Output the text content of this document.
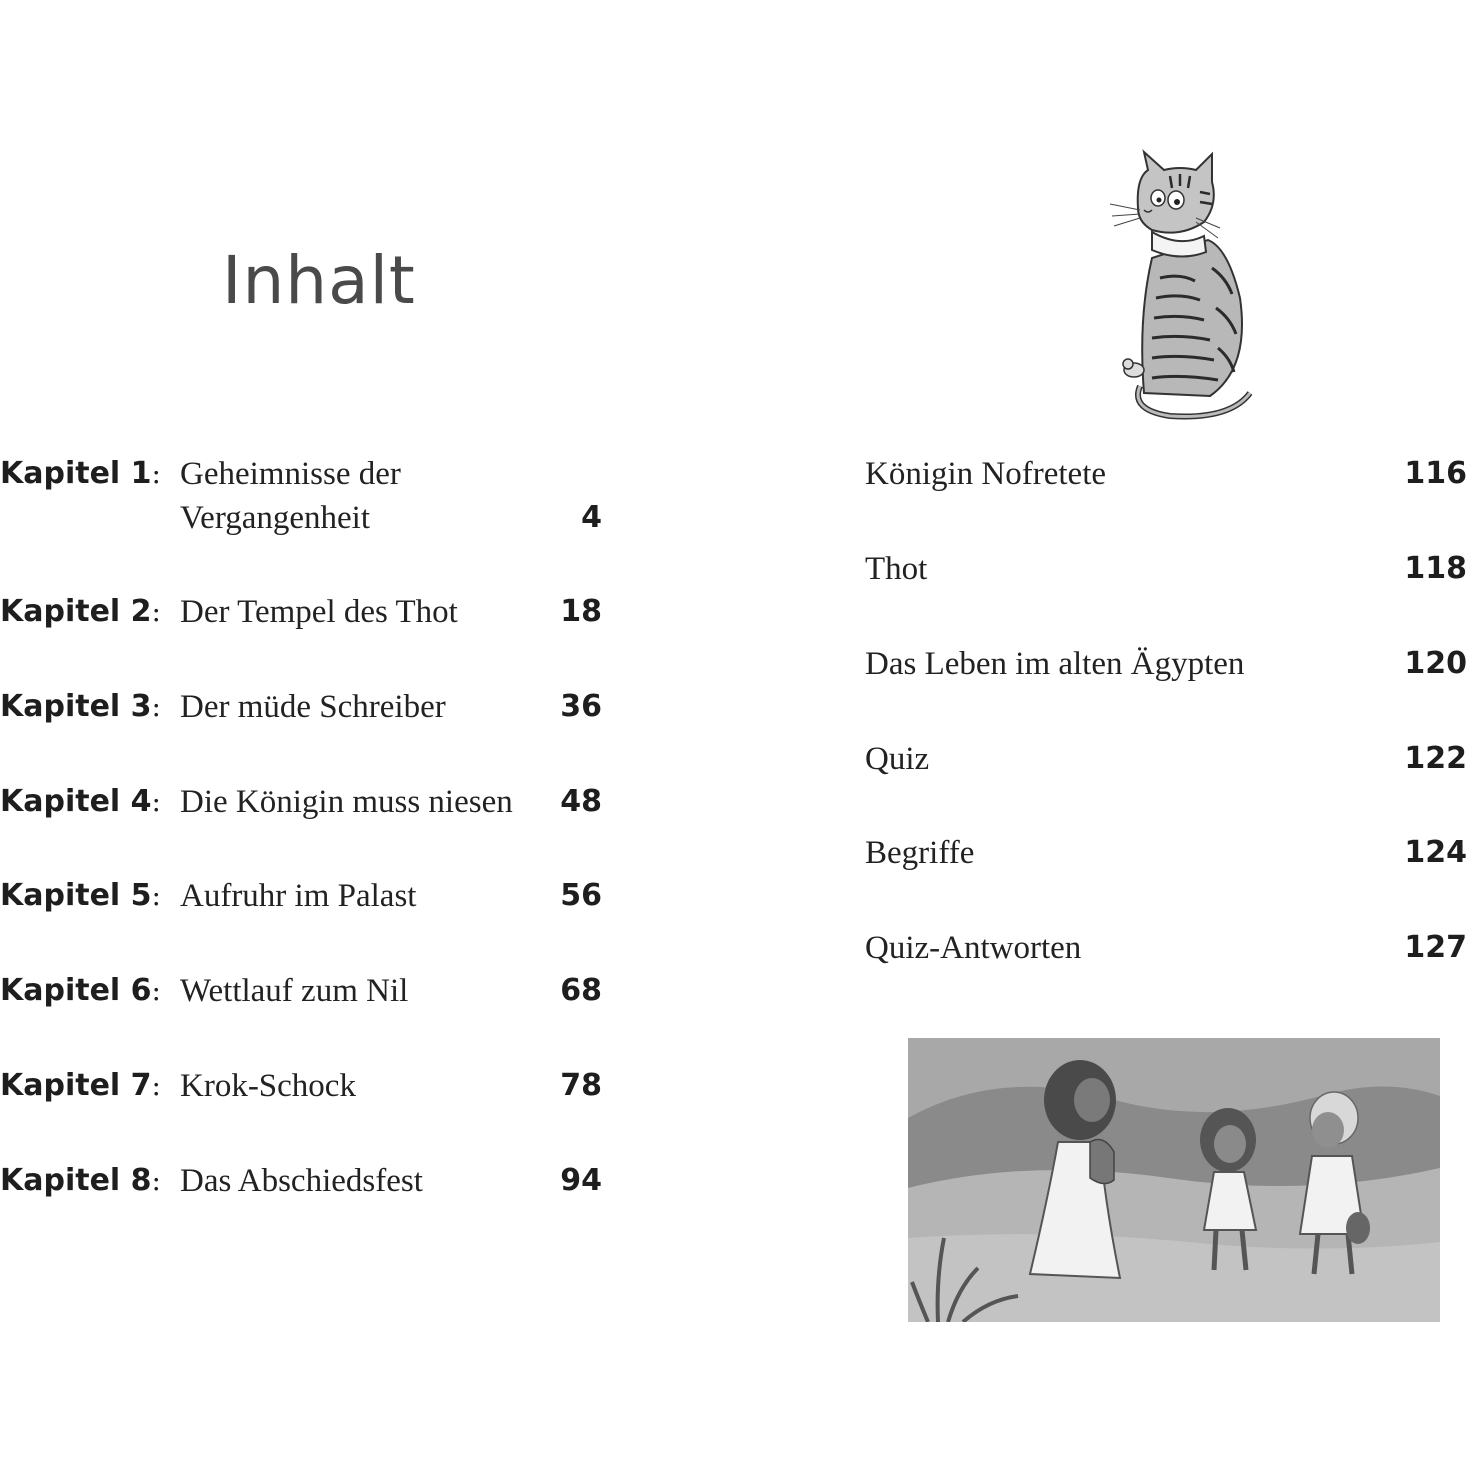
Inhalt
Kapitel 1: Geheimnisse der
Vergangenheit	4
Kapitel 2: Der Tempel des Thot	18
Kapitel 3: Der müde Schreiber	36
Kapitel 4: Die Königin muss niesen	48
Kapitel 5: Aufruhr im Palast	56
Kapitel 6: Wettlauf zum Nil	68
Kapitel 7: Krok-Schock	78
Kapitel 8: Das Abschiedsfest	94
Königin Nofretete	116
Thot	118
Das Leben im alten Ägypten	120
Quiz	122
Begriffe	124
Quiz-Antworten	127
